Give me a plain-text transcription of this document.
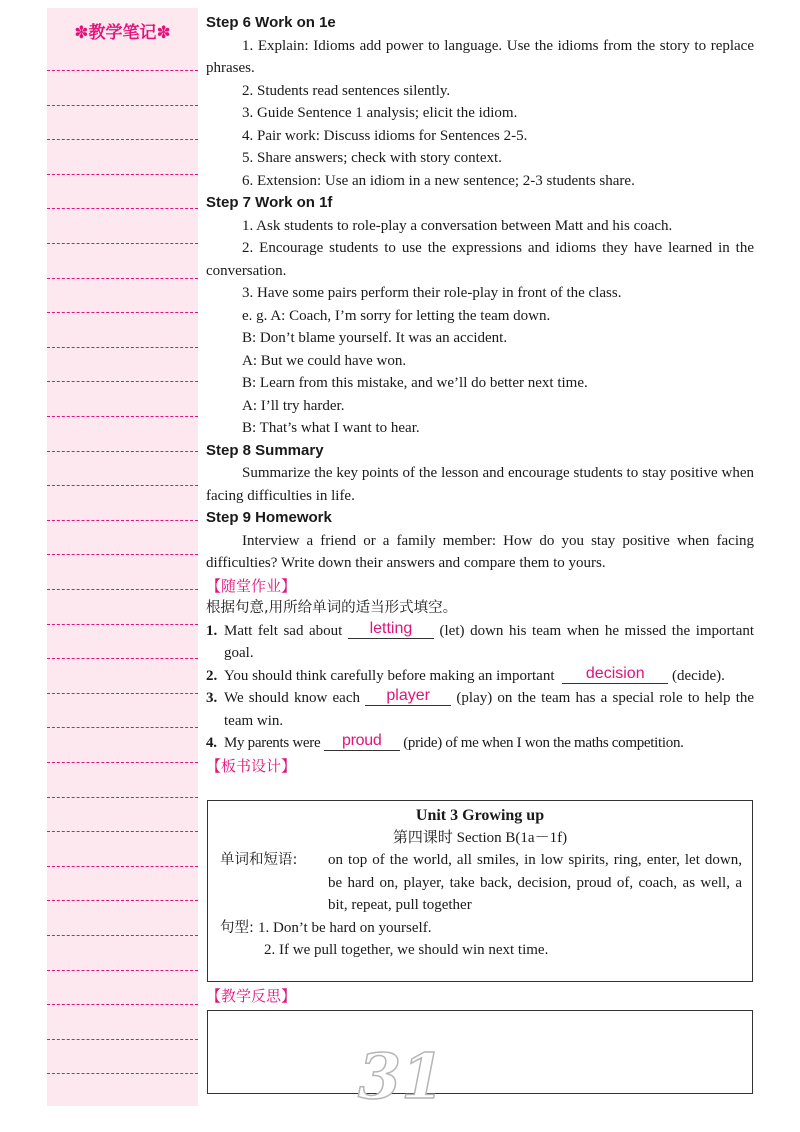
✽教学笔记✽

Step 6 Work on 1e

1. Explain: Idioms add power to language. Use the idioms from the story to replace phrases.

2. Students read sentences silently.

3. Guide Sentence 1 analysis; elicit the idiom.

4. Pair work: Discuss idioms for Sentences 2-5.

5. Share answers; check with story context.

6. Extension: Use an idiom in a new sentence; 2-3 students share.

Step 7 Work on 1f

1. Ask students to role-play a conversation between Matt and his coach.

2. Encourage students to use the expressions and idioms they have learned in the conversation.

3. Have some pairs perform their role-play in front of the class.

e. g. A: Coach, I’m sorry for letting the team down.

B: Don’t blame yourself. It was an accident.

A: But we could have won.

B: Learn from this mistake, and we’ll do better next time.

A: I’ll try harder.

B: That’s what I want to hear.

Step 8 Summary

Summarize the key points of the lesson and encourage students to stay positive when facing difficulties in life.

Step 9 Homework

Interview a friend or a family member: How do you stay positive when facing difficulties? Write down their answers and compare them to yours.

【随堂作业】

根据句意,用所给单词的适当形式填空。

1. Matt felt sad about letting (let) down his team when he missed the important goal.

2. You should think carefully before making an important decision (decide).

3. We should know each player (play) on the team has a special role to help the team win.

4. My parents were proud (pride) of me when I won the maths competition.

【板书设计】

Unit 3 Growing up
第四课时 Section B(1a－1f)
单词和短语: on top of the world, all smiles, in low spirits, ring, enter, let down, be hard on, player, take back, decision, proud of, coach, as well, a bit, repeat, pull together
句型: 1. Don’t be hard on yourself.
2. If we pull together, we should win next time.
【教学反思】
31
